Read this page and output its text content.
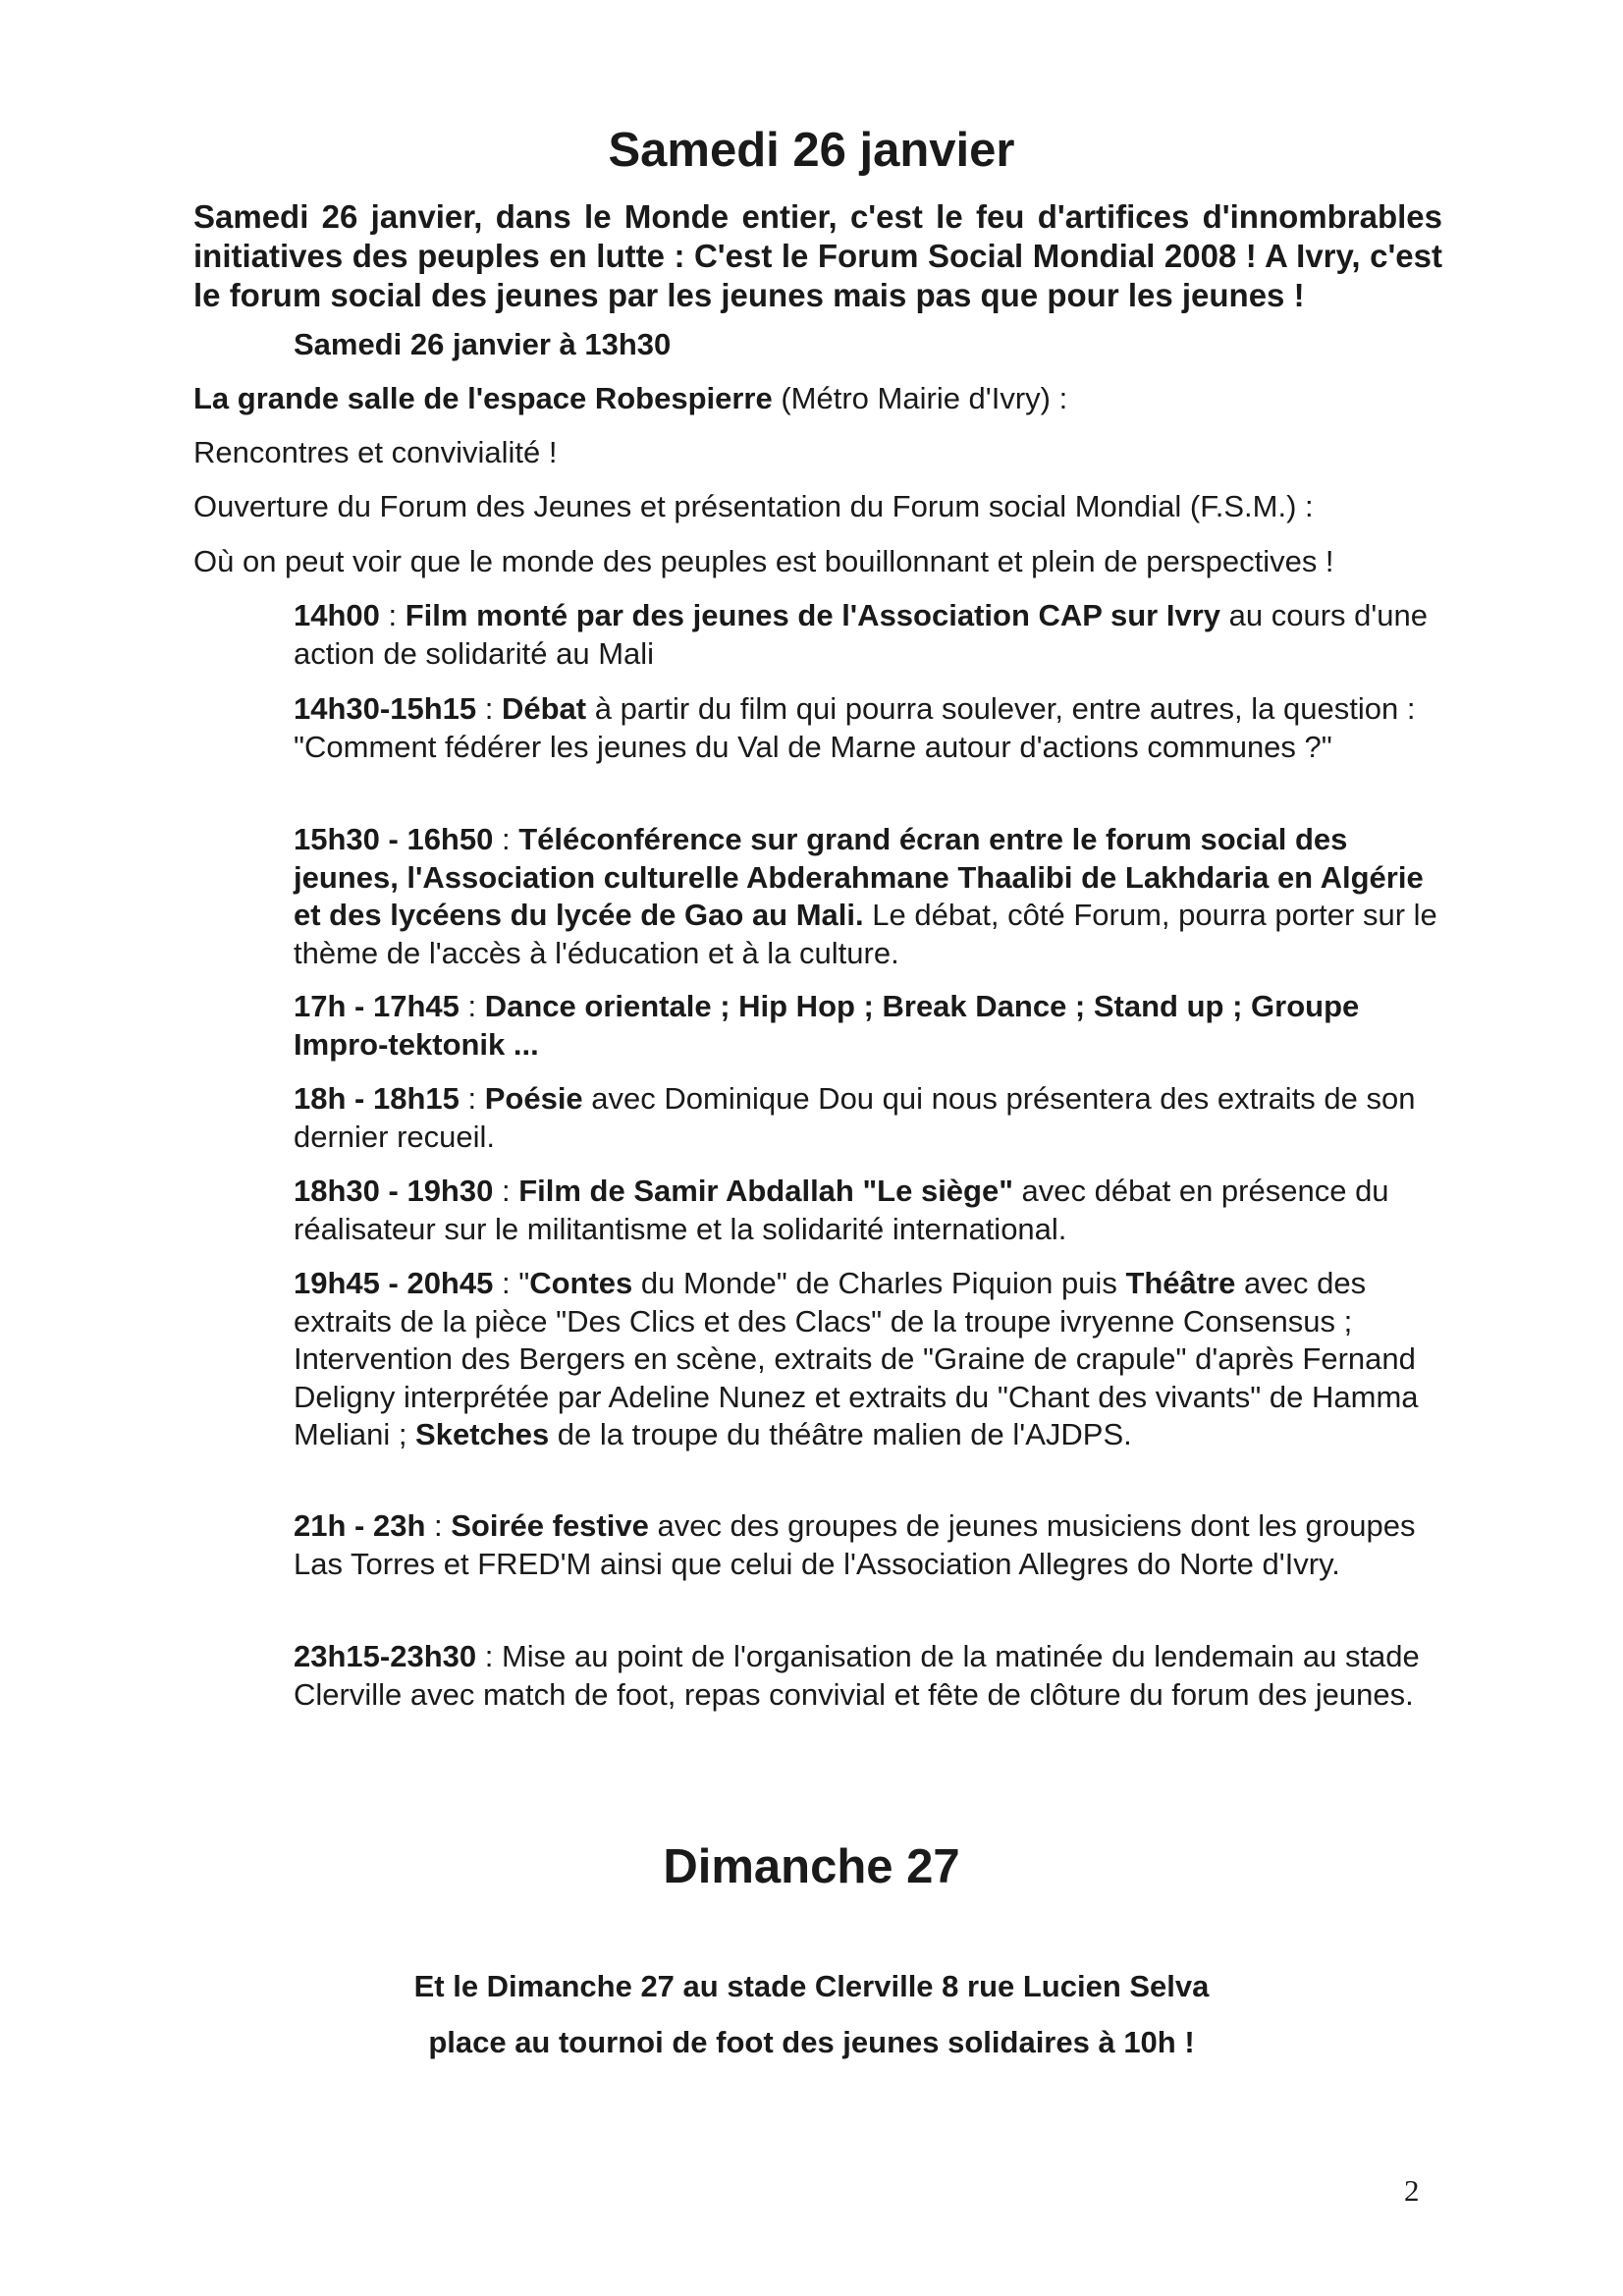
Samedi 26 janvier

Samedi 26 janvier, dans le Monde entier, c'est le feu d'artifices d'innombrables initiatives des peuples en lutte : C'est le Forum Social Mondial 2008 ! A Ivry, c'est le forum social des jeunes par les jeunes mais pas que pour les jeunes !

Samedi 26 janvier à 13h30

La grande salle de l'espace Robespierre (Métro Mairie d'Ivry) :

Rencontres et convivialité !

Ouverture du Forum des Jeunes et présentation du Forum social Mondial (F.S.M.) :

Où on peut voir que le monde des peuples est bouillonnant et plein de perspectives !

14h00 : Film monté par des jeunes de l'Association CAP sur Ivry au cours d'une action de solidarité au Mali

14h30-15h15 : Débat à partir du film qui pourra soulever, entre autres, la question : "Comment fédérer les jeunes du Val de Marne autour d'actions communes ?"

15h30 - 16h50 : Téléconférence sur grand écran entre le forum social des jeunes, l'Association culturelle Abderahmane Thaalibi de Lakhdaria en Algérie et des lycéens du lycée de Gao au Mali. Le débat, côté Forum, pourra porter sur le thème de l'accès à l'éducation et à la culture.

17h - 17h45 : Dance orientale ; Hip Hop ; Break Dance ; Stand up ; Groupe Impro-tektonik ...

18h - 18h15 : Poésie avec Dominique Dou qui nous présentera des extraits de son dernier recueil.

18h30 - 19h30 : Film de Samir Abdallah "Le siège" avec débat en présence du réalisateur sur le militantisme et la solidarité international.

19h45 - 20h45 : "Contes du Monde" de Charles Piquion puis Théâtre avec des extraits de la pièce "Des Clics et des Clacs" de la troupe ivryenne Consensus ; Intervention des Bergers en scène, extraits de "Graine de crapule" d'après Fernand Deligny interprétée par Adeline Nunez et extraits du "Chant des vivants" de Hamma Meliani ; Sketches de la troupe du théâtre malien de l'AJDPS.

21h - 23h : Soirée festive avec des groupes de jeunes musiciens dont les groupes Las Torres et FRED'M ainsi que celui de l'Association Allegres do Norte d'Ivry.

23h15-23h30 : Mise au point de l'organisation de la matinée du lendemain au stade Clerville avec match de foot, repas convivial et fête de clôture du forum des jeunes.

Dimanche 27

Et le Dimanche 27 au stade Clerville 8 rue Lucien Selva

place au tournoi de foot des jeunes solidaires à 10h !

2
